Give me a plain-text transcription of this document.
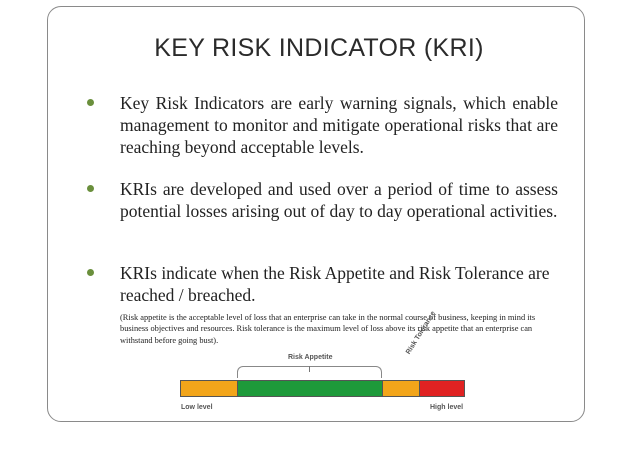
KEY RISK INDICATOR (KRI)

Key Risk Indicators are early warning signals, which enable management to monitor and mitigate operational risks that are reaching beyond acceptable levels.

KRIs are developed and used over a period of time to assess potential losses arising out of day to day operational activities.

KRIs indicate when the Risk Appetite and Risk Tolerance are reached / breached.

(Risk appetite is the acceptable level of loss that an enterprise can take in the normal course of business, keeping in mind its business objectives and resources. Risk tolerance is the maximum level of loss above its risk appetite that an enterprise can withstand before going bust).
Risk Appetite
Risk Tolerance
Low level	High level
